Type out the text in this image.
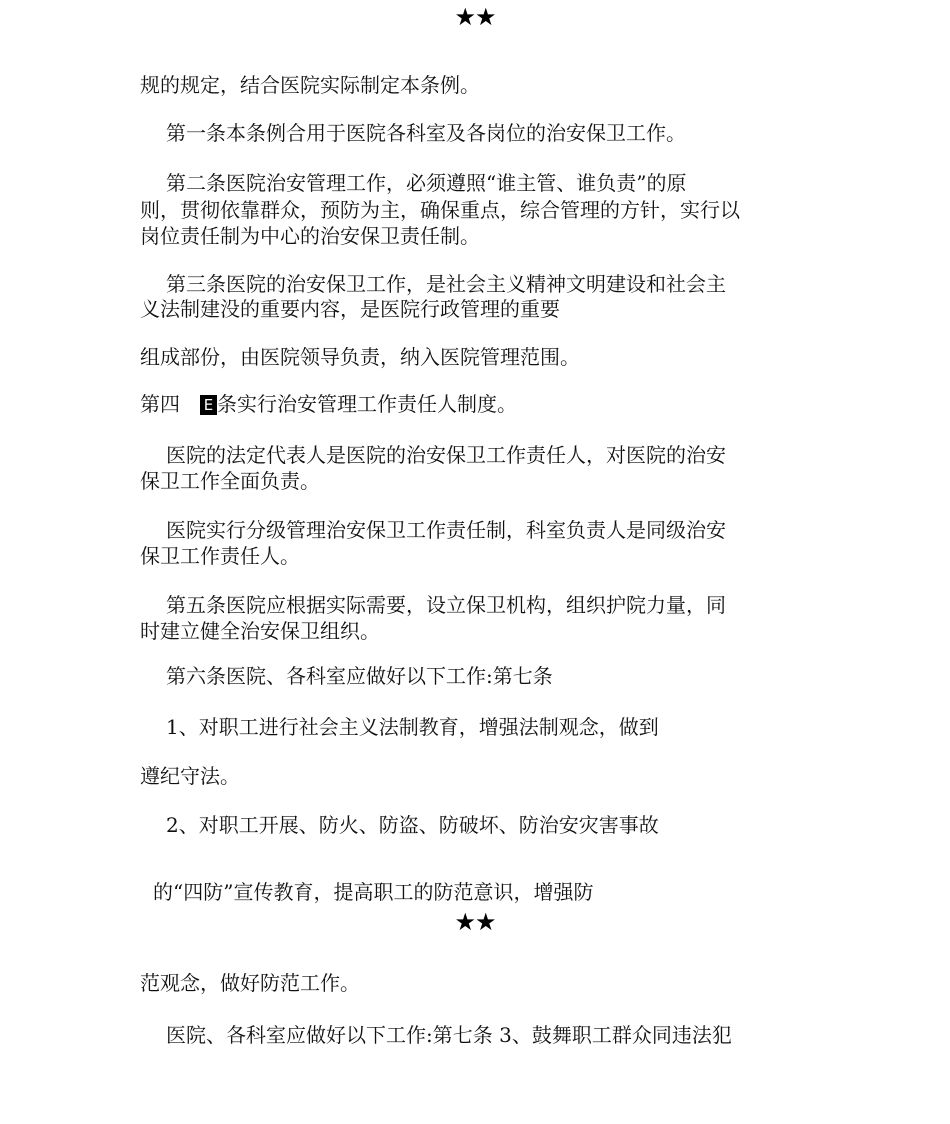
★★
规的规定，结合医院实际制定本条例。
第一条本条例合用于医院各科室及各岗位的治安保卫工作。
第二条医院治安管理工作，必须遵照“谁主管、谁负责”的原
则，贯彻依靠群众，预防为主，确保重点，综合管理的方针，实行以
岗位责任制为中心的治安保卫责任制。
第三条医院的治安保卫工作，是社会主义精神文明建设和社会主
义法制建没的重要内容，是医院行政管理的重要
组成部份，由医院领导负责，纳入医院管理范围。
第四　E 条实行治安管理工作责任人制度。
医院的法定代表人是医院的治安保卫工作责任人，对医院的治安
保卫工作全面负责。
医院实行分级管理治安保卫工作责任制，科室负责人是同级治安
保卫工作责任人。
第五条医院应根据实际需要，设立保卫机构，组织护院力量，同
时建立健全治安保卫组织。
第六条医院、各科室应做好以下工作:第七条
1、对职工进行社会主义法制教育，增强法制观念，做到
遵纪守法。
2、对职工开展、防火、防盗、防破坏、防治安灾害事故
的“四防”宣传教育，提高职工的防范意识，增强防
★★
范观念，做好防范工作。
医院、各科室应做好以下工作:第七条 3、鼓舞职工群众同违法犯
